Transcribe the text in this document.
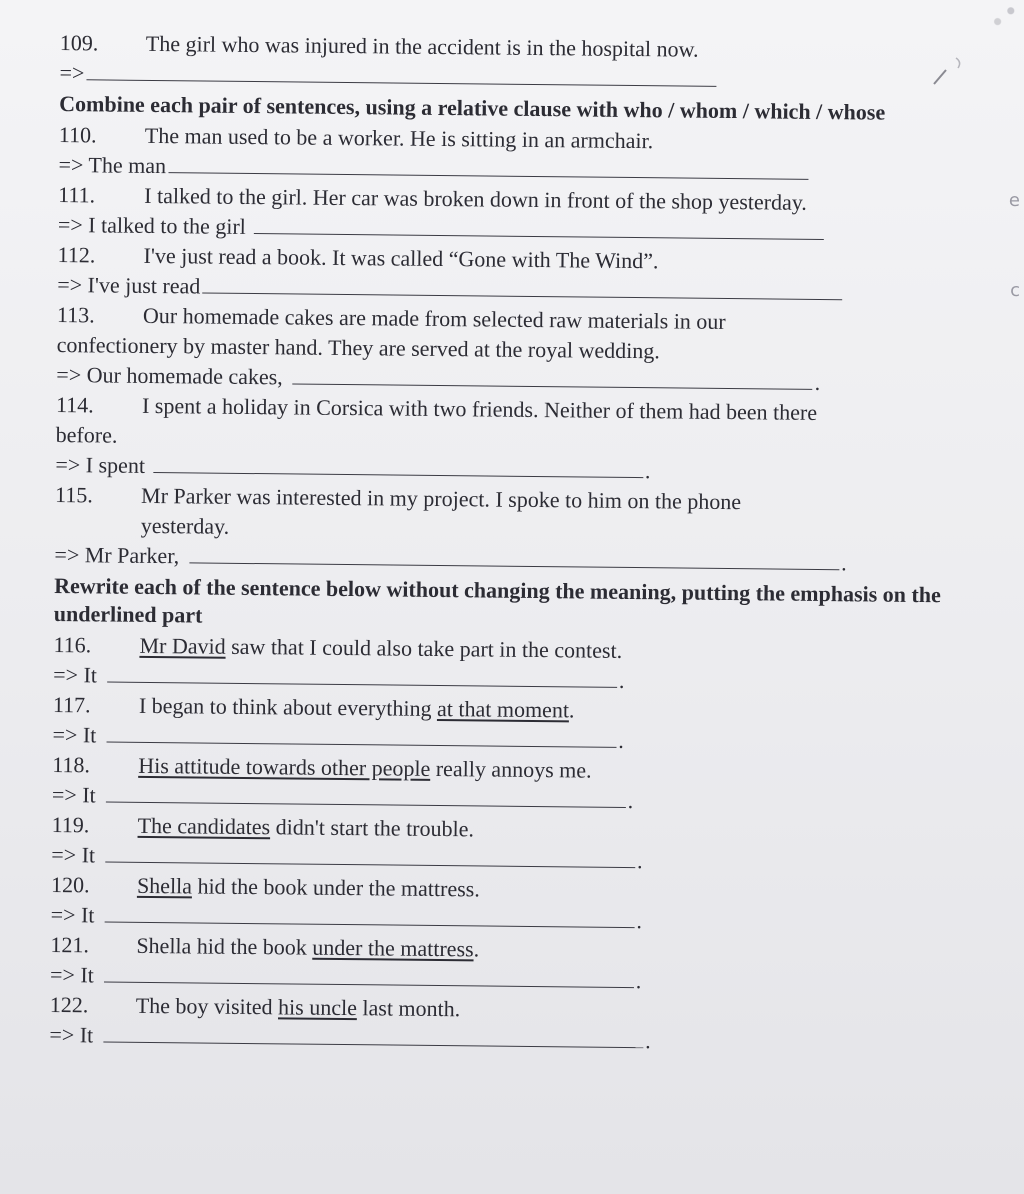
e
c
109.	The girl who was injured in the accident is in the hospital now.
=>
Combine each pair of sentences, using a relative clause with who / whom / which / whose
110.	The man used to be a worker. He is sitting in an armchair.
=> The man
111.	I talked to the girl. Her car was broken down in front of the shop yesterday.
=> I talked to the girl
112.	I've just read a book. It was called “Gone with The Wind”.
=> I've just read
113.	Our homemade cakes are made from selected raw materials in our
confectionery by master hand. They are served at the royal wedding.
=> Our homemade cakes,	.
114.	I spent a holiday in Corsica with two friends. Neither of them had been there
before.
=> I spent	.
115.	Mr Parker was interested in my project. I spoke to him on the phone
yesterday.
=> Mr Parker,	.
Rewrite each of the sentence below without changing the meaning, putting the emphasis on the underlined part
116.	Mr David saw that I could also take part in the contest.
=> It	.
117.	I began to think about everything at that moment.
=> It	.
118.	His attitude towards other people really annoys me.
=> It	.
119.	The candidates didn't start the trouble.
=> It	.
120.	Shella hid the book under the mattress.
=> It	.
121.	Shella hid the book under the mattress.
=> It	.
122.	The boy visited his uncle last month.
=> It	.
